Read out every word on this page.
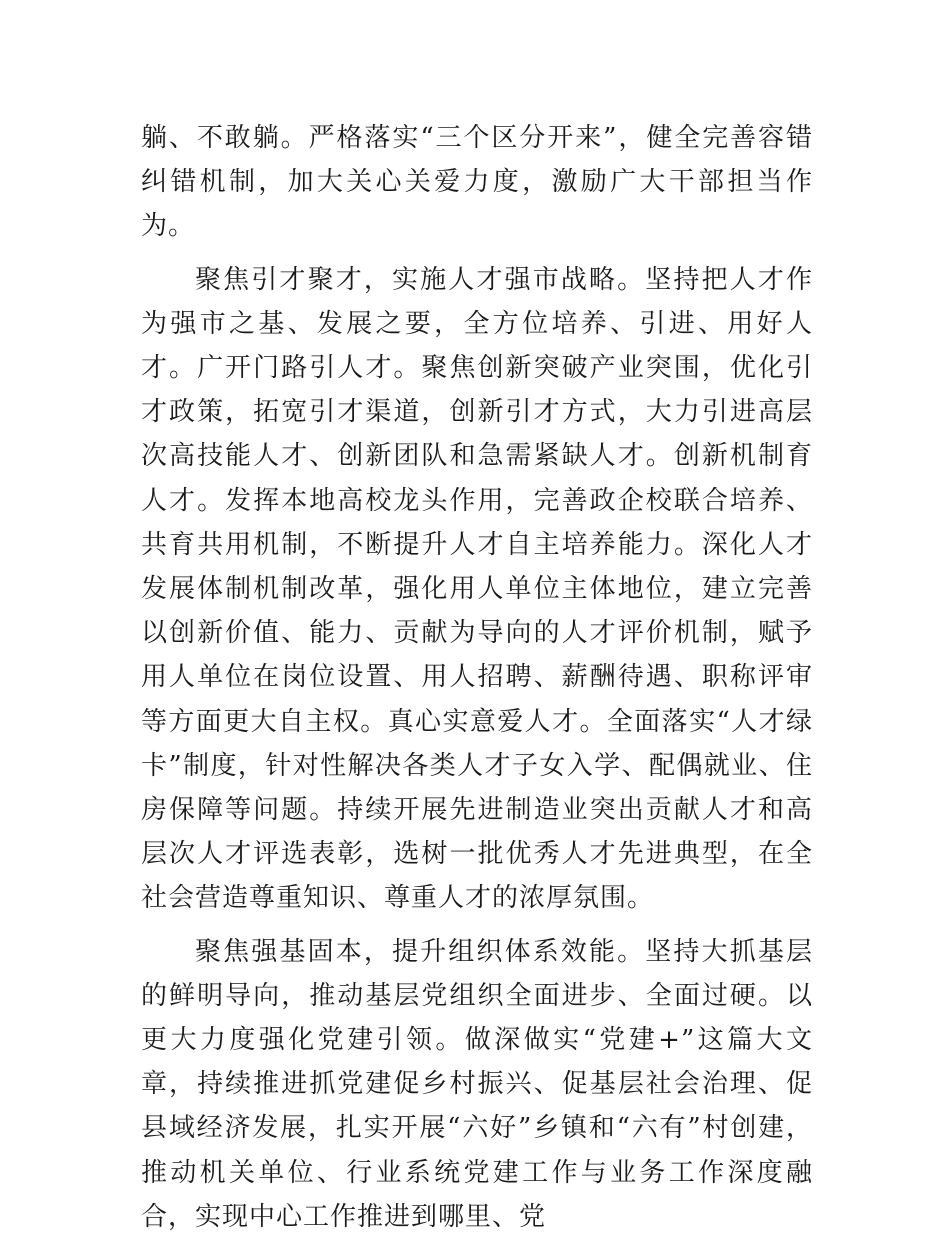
躺、不敢躺。严格落实“三个区分开来”，健全完善容错纠错机制，加大关心关爱力度，激励广大干部担当作为。

聚焦引才聚才，实施人才强市战略。坚持把人才作为强市之基、发展之要，全方位培养、引进、用好人才。广开门路引人才。聚焦创新突破产业突围，优化引才政策，拓宽引才渠道，创新引才方式，大力引进高层次高技能人才、创新团队和急需紧缺人才。创新机制育人才。发挥本地高校龙头作用，完善政企校联合培养、共育共用机制，不断提升人才自主培养能力。深化人才发展体制机制改革，强化用人单位主体地位，建立完善以创新价值、能力、贡献为导向的人才评价机制，赋予用人单位在岗位设置、用人招聘、薪酬待遇、职称评审等方面更大自主权。真心实意爱人才。全面落实“人才绿卡”制度，针对性解决各类人才子女入学、配偶就业、住房保障等问题。持续开展先进制造业突出贡献人才和高层次人才评选表彰，选树一批优秀人才先进典型，在全社会营造尊重知识、尊重人才的浓厚氛围。

聚焦强基固本，提升组织体系效能。坚持大抓基层的鲜明导向，推动基层党组织全面进步、全面过硬。以更大力度强化党建引领。做深做实“党建+”这篇大文章，持续推进抓党建促乡村振兴、促基层社会治理、促县域经济发展，扎实开展“六好”乡镇和“六有”村创建，推动机关单位、行业系统党建工作与业务工作深度融合，实现中心工作推进到哪里、党
